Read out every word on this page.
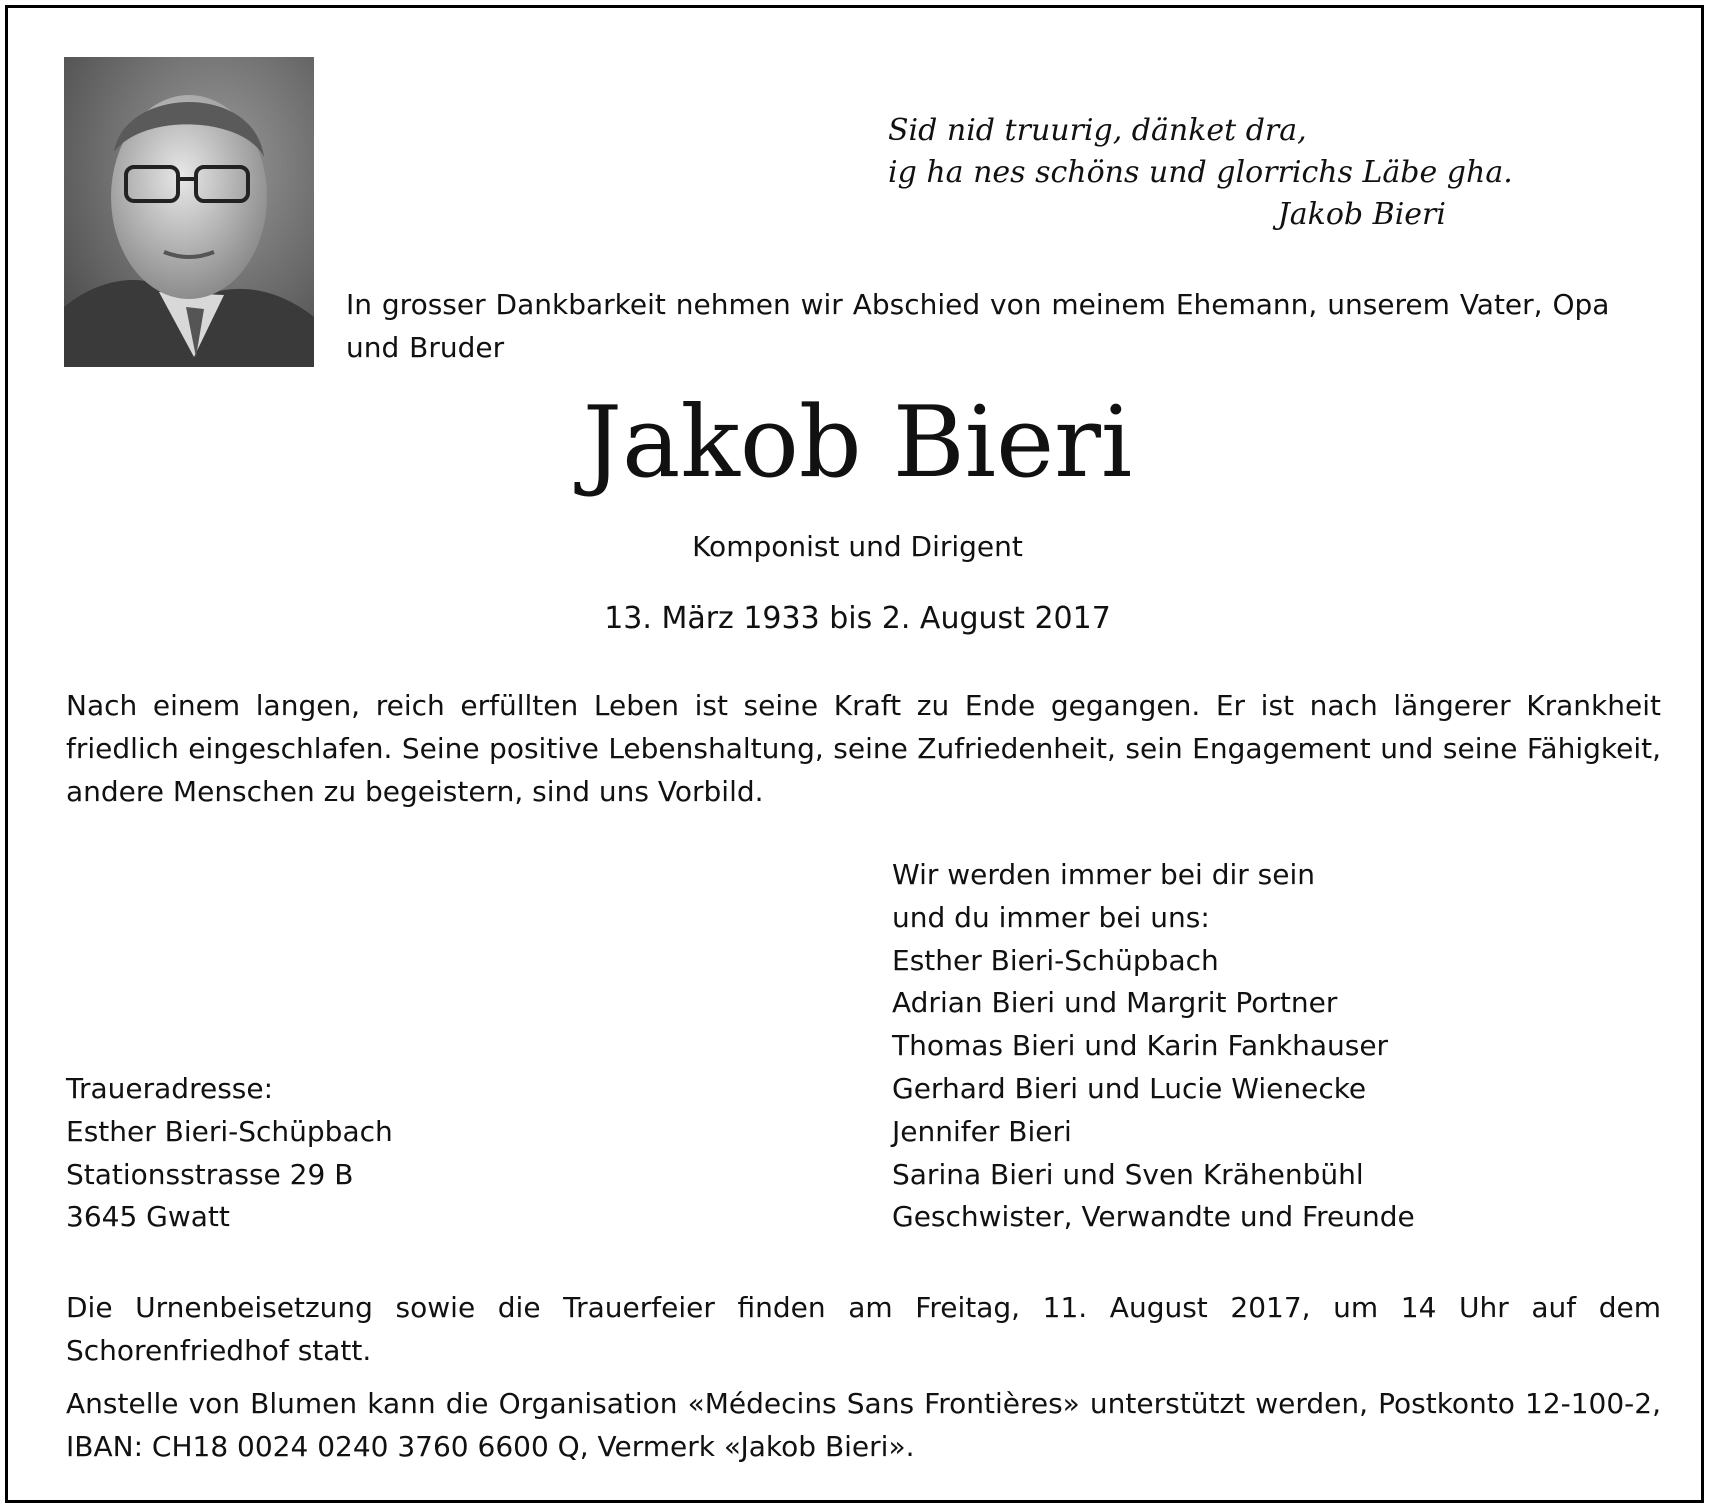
Sid nid truurig, dänket dra,
ig ha nes schöns und glorrichs Läbe gha.
Jakob Bieri
In grosser Dankbarkeit nehmen wir Abschied von meinem Ehemann, unserem Vater, Opa und Bruder
Jakob Bieri
Komponist und Dirigent
13. März 1933 bis 2. August 2017
Nach einem langen, reich erfüllten Leben ist seine Kraft zu Ende gegangen. Er ist nach längerer Krankheit friedlich eingeschlafen. Seine positive Lebenshaltung, seine Zufriedenheit, sein Engagement und seine Fähigkeit, andere Menschen zu begeistern, sind uns Vorbild.
Wir werden immer bei dir sein
und du immer bei uns:
Esther Bieri-Schüpbach
Adrian Bieri und Margrit Portner
Thomas Bieri und Karin Fankhauser
Gerhard Bieri und Lucie Wienecke
Jennifer Bieri
Sarina Bieri und Sven Krähenbühl
Geschwister, Verwandte und Freunde
Traueradresse:
Esther Bieri-Schüpbach
Stationsstrasse 29 B
3645 Gwatt
Die Urnenbeisetzung sowie die Trauerfeier finden am Freitag, 11. August 2017, um 14 Uhr auf dem Schorenfriedhof statt.
Anstelle von Blumen kann die Organisation «Médecins Sans Frontières» unterstützt werden, Postkonto 12-100-2, IBAN: CH18 0024 0240 3760 6600 Q, Vermerk «Jakob Bieri».
